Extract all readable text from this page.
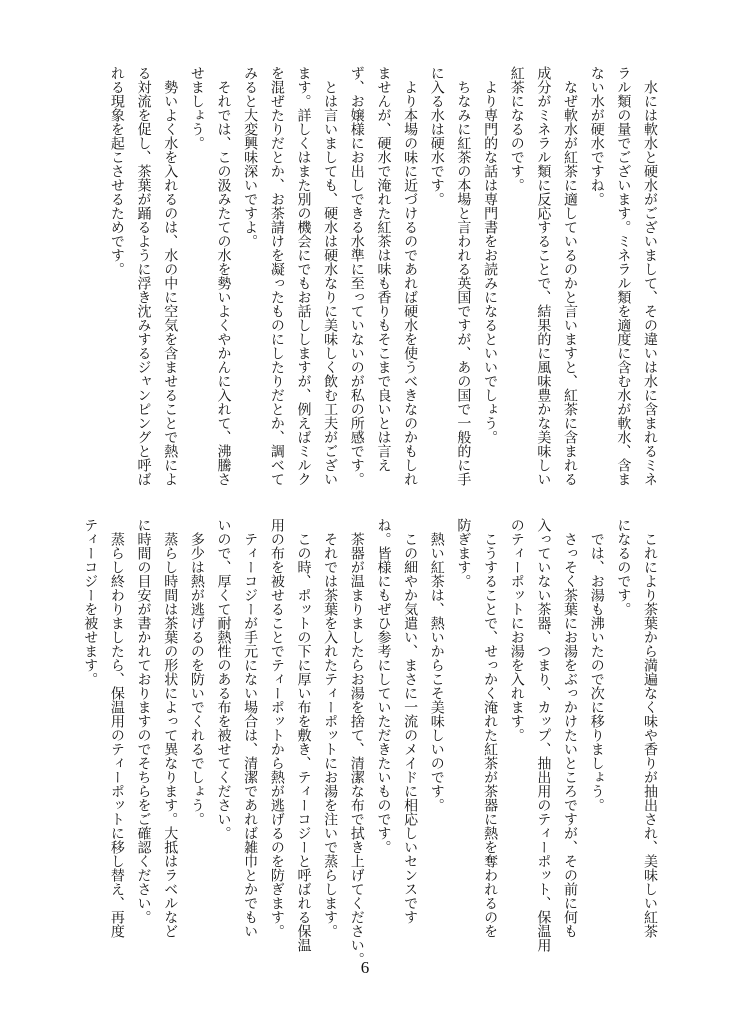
　水には軟水と硬水がございまして、その違いは水に含まれるミネ
ラル類の量でございます。ミネラル類を適度に含む水が軟水、含ま
ない水が硬水ですね。
　なぜ軟水が紅茶に適しているのかと言いますと、紅茶に含まれる
成分がミネラル類に反応することで、結果的に風味豊かな美味しい
紅茶になるのです。
　より専門的な話は専門書をお読みになるといいでしょう。
　ちなみに紅茶の本場と言われる英国ですが、あの国で一般的に手
に入る水は硬水です。
　より本場の味に近づけるのであれば硬水を使うべきなのかもしれ
ませんが、硬水で淹れた紅茶は味も香りもそこまで良いとは言え
ず、お嬢様にお出しできる水準に至っていないのが私の所感です。
　とは言いましても、硬水は硬水なりに美味しく飲む工夫がござい
ます。詳しくはまた別の機会にでもお話ししますが、例えばミルク
を混ぜたりだとか、お茶請けを凝ったものにしたりだとか、調べて
みると大変興味深いですよ。
　それでは、この汲みたての水を勢いよくやかんに入れて、沸騰さ
せましょう。
　勢いよく水を入れるのは、水の中に空気を含ませることで熱によ
る対流を促し、茶葉が踊るように浮き沈みするジャンピングと呼ば
れる現象を起こさせるためです。
　これにより茶葉から満遍なく味や香りが抽出され、美味しい紅茶
になるのです。
　では、お湯も沸いたので次に移りましょう。
　さっそく茶葉にお湯をぶっかけたいところですが、その前に何も
入っていない茶器、つまり、カップ、抽出用のティーポット、保温用
のティーポットにお湯を入れます。
　こうすることで、せっかく淹れた紅茶が茶器に熱を奪われるのを
防ぎます。
　熱い紅茶は、熱いからこそ美味しいのです。
　この細やか気遣い、まさに一流のメイドに相応しいセンスです
ね。皆様にもぜひ参考にしていただきたいものです。
　茶器が温まりましたらお湯を捨て、清潔な布で拭き上げてください。
　それでは茶葉を入れたティーポットにお湯を注いで蒸らします。
　この時、ポットの下に厚い布を敷き、ティーコジーと呼ばれる保温
用の布を被せることでティーポットから熱が逃げるのを防ぎます。
　ティーコジーが手元にない場合は、清潔であれば雑巾とかでもい
いので、厚くて耐熱性のある布を被せてください。
　多少は熱が逃げるのを防いでくれるでしょう。
　蒸らし時間は茶葉の形状によって異なります。大抵はラベルなど
に時間の目安が書かれておりますのでそちらをご確認ください。
　蒸らし終わりましたら、保温用のティーポットに移し替え、再度
ティーコジーを被せます。
6
